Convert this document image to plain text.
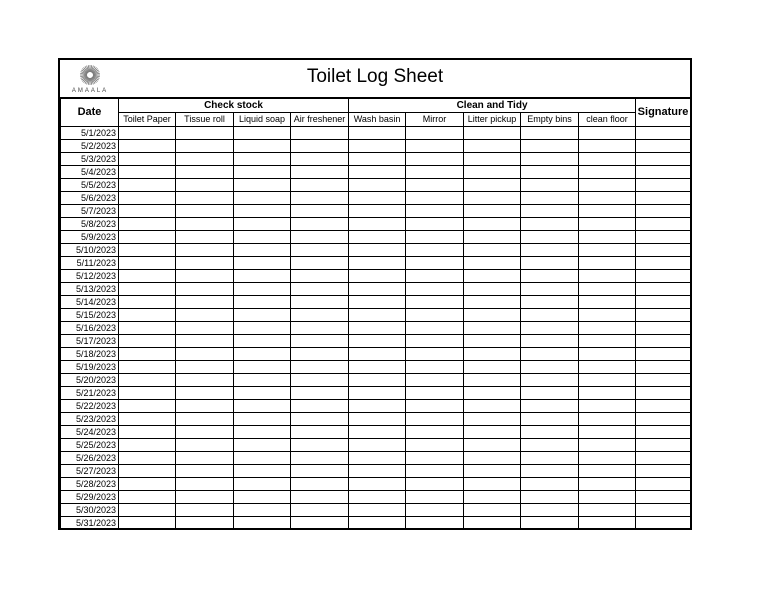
AMAALA
Toilet Log Sheet
Date	Check stock				Clean and Tidy					Signature
	Toilet Paper	Tissue roll	Liquid soap	Air freshener	Wash basin	Mirror	Litter pickup	Empty bins	clean floor	
5/1/2023										
5/2/2023										
5/3/2023										
5/4/2023										
5/5/2023										
5/6/2023										
5/7/2023										
5/8/2023										
5/9/2023										
5/10/2023										
5/11/2023										
5/12/2023										
5/13/2023										
5/14/2023										
5/15/2023										
5/16/2023										
5/17/2023										
5/18/2023										
5/19/2023										
5/20/2023										
5/21/2023										
5/22/2023										
5/23/2023										
5/24/2023										
5/25/2023										
5/26/2023										
5/27/2023										
5/28/2023										
5/29/2023										
5/30/2023										
5/31/2023										
